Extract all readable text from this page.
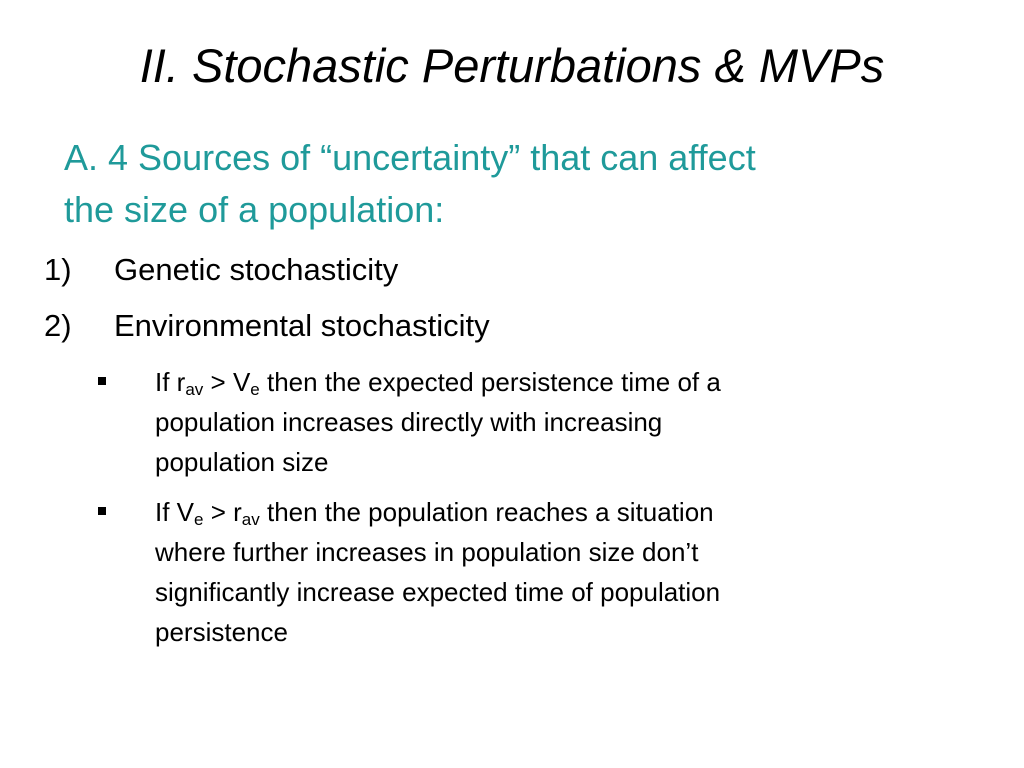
II. Stochastic Perturbations & MVPs
A. 4 Sources of “uncertainty” that can affect
the size of a population:
1) Genetic stochasticity
2) Environmental stochasticity
If $r_{av} > V_e$ then the expected persistence time of a
population increases directly with increasing
population size
If $V_e > r_{av}$ then the population reaches a situation
where further increases in population size don’t
significantly increase expected time of population
persistence
